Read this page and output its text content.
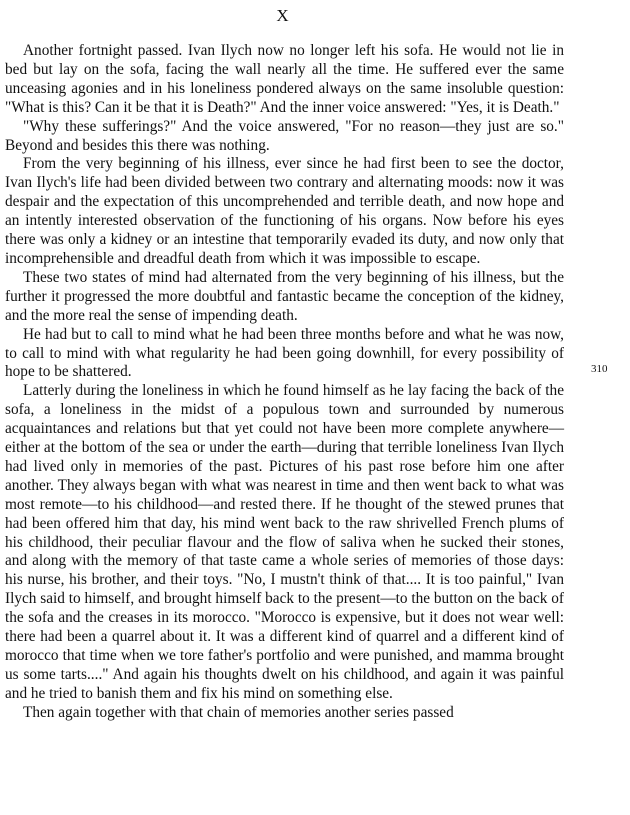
X

Another fortnight passed. Ivan Ilych now no longer left his sofa. He would not lie in bed but lay on the sofa, facing the wall nearly all the time. He suffered ever the same unceasing agonies and in his loneliness pondered always on the same insoluble question: "What is this? Can it be that it is Death?" And the inner voice answered: "Yes, it is Death."

"Why these sufferings?" And the voice answered, "For no reason—they just are so." Beyond and besides this there was nothing.

From the very beginning of his illness, ever since he had first been to see the doctor, Ivan Ilych's life had been divided between two contrary and alternating moods: now it was despair and the expectation of this uncomprehended and terrible death, and now hope and an intently interested observation of the functioning of his organs. Now before his eyes there was only a kidney or an intestine that temporarily evaded its duty, and now only that incomprehensible and dreadful death from which it was impossible to escape.

These two states of mind had alternated from the very beginning of his illness, but the further it progressed the more doubtful and fantastic became the conception of the kidney, and the more real the sense of impending death.

He had but to call to mind what he had been three months before and what he was now, to call to mind with what regularity he had been going downhill, for every possibility of hope to be shattered.

Latterly during the loneliness in which he found himself as he lay facing the back of the sofa, a loneliness in the midst of a populous town and surrounded by numerous acquaintances and relations but that yet could not have been more complete anywhere—either at the bottom of the sea or under the earth—during that terrible loneliness Ivan Ilych had lived only in memories of the past. Pictures of his past rose before him one after another. They always began with what was nearest in time and then went back to what was most remote—to his childhood—and rested there. If he thought of the stewed prunes that had been offered him that day, his mind went back to the raw shrivelled French plums of his childhood, their peculiar flavour and the flow of saliva when he sucked their stones, and along with the memory of that taste came a whole series of memories of those days: his nurse, his brother, and their toys. "No, I mustn't think of that.... It is too painful," Ivan Ilych said to himself, and brought himself back to the present—to the button on the back of the sofa and the creases in its morocco. "Morocco is expensive, but it does not wear well: there had been a quarrel about it. It was a different kind of quarrel and a different kind of morocco that time when we tore father's portfolio and were punished, and mamma brought us some tarts...." And again his thoughts dwelt on his childhood, and again it was painful and he tried to banish them and fix his mind on something else.

Then again together with that chain of memories another series passed

310
